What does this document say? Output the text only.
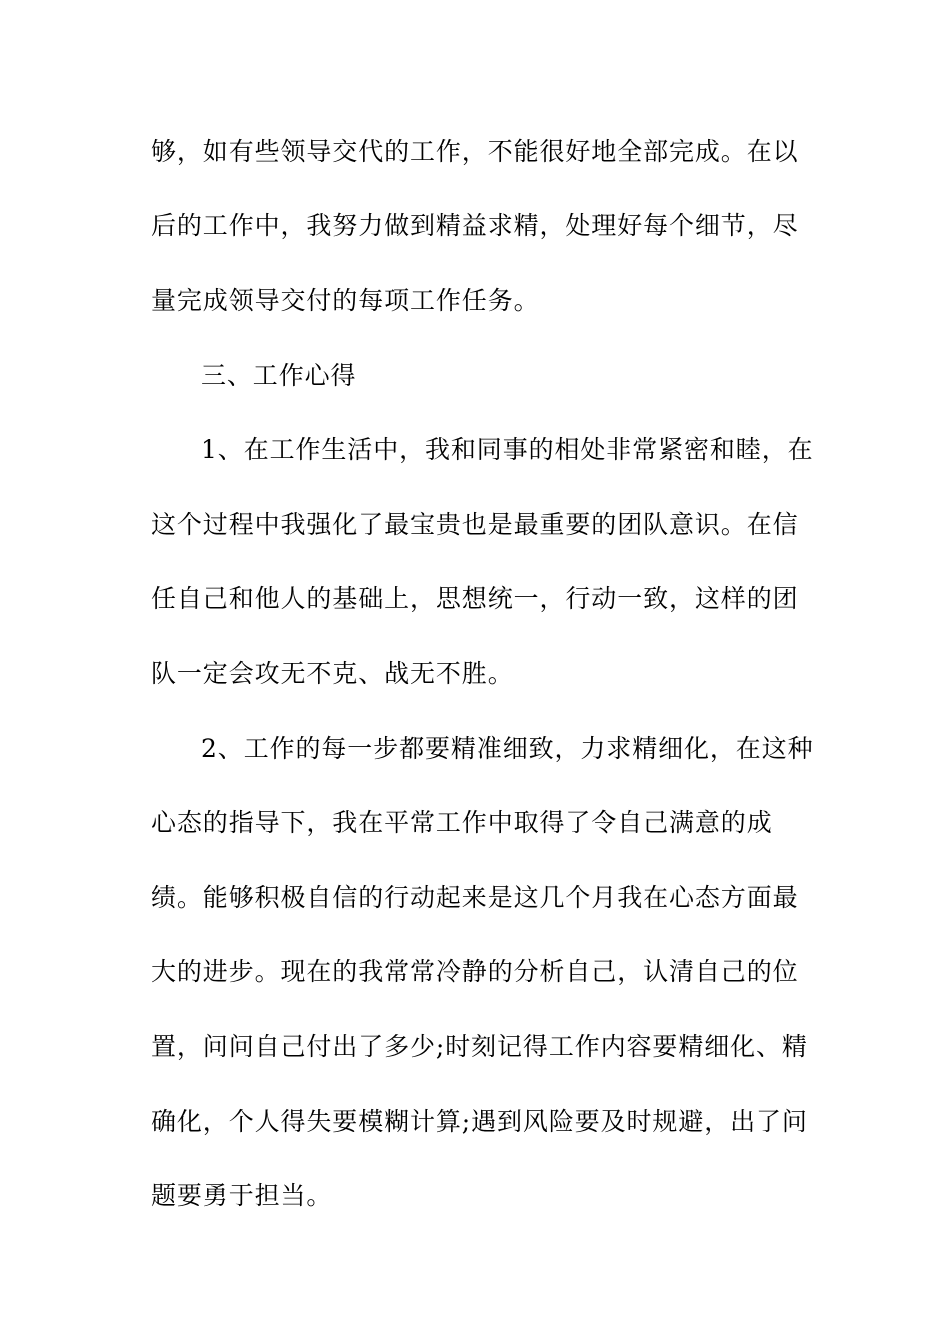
够，如有些领导交代的工作，不能很好地全部完成。在以
后的工作中，我努力做到精益求精，处理好每个细节，尽
量完成领导交付的每项工作任务。
三、工作心得
1、在工作生活中，我和同事的相处非常紧密和睦，在
这个过程中我强化了最宝贵也是最重要的团队意识。在信
任自己和他人的基础上，思想统一，行动一致，这样的团
队一定会攻无不克、战无不胜。
2、工作的每一步都要精准细致，力求精细化，在这种
心态的指导下，我在平常工作中取得了令自己满意的成
绩。能够积极自信的行动起来是这几个月我在心态方面最
大的进步。现在的我常常冷静的分析自己，认清自己的位
置，问问自己付出了多少;时刻记得工作内容要精细化、精
确化，个人得失要模糊计算;遇到风险要及时规避，出了问
题要勇于担当。
